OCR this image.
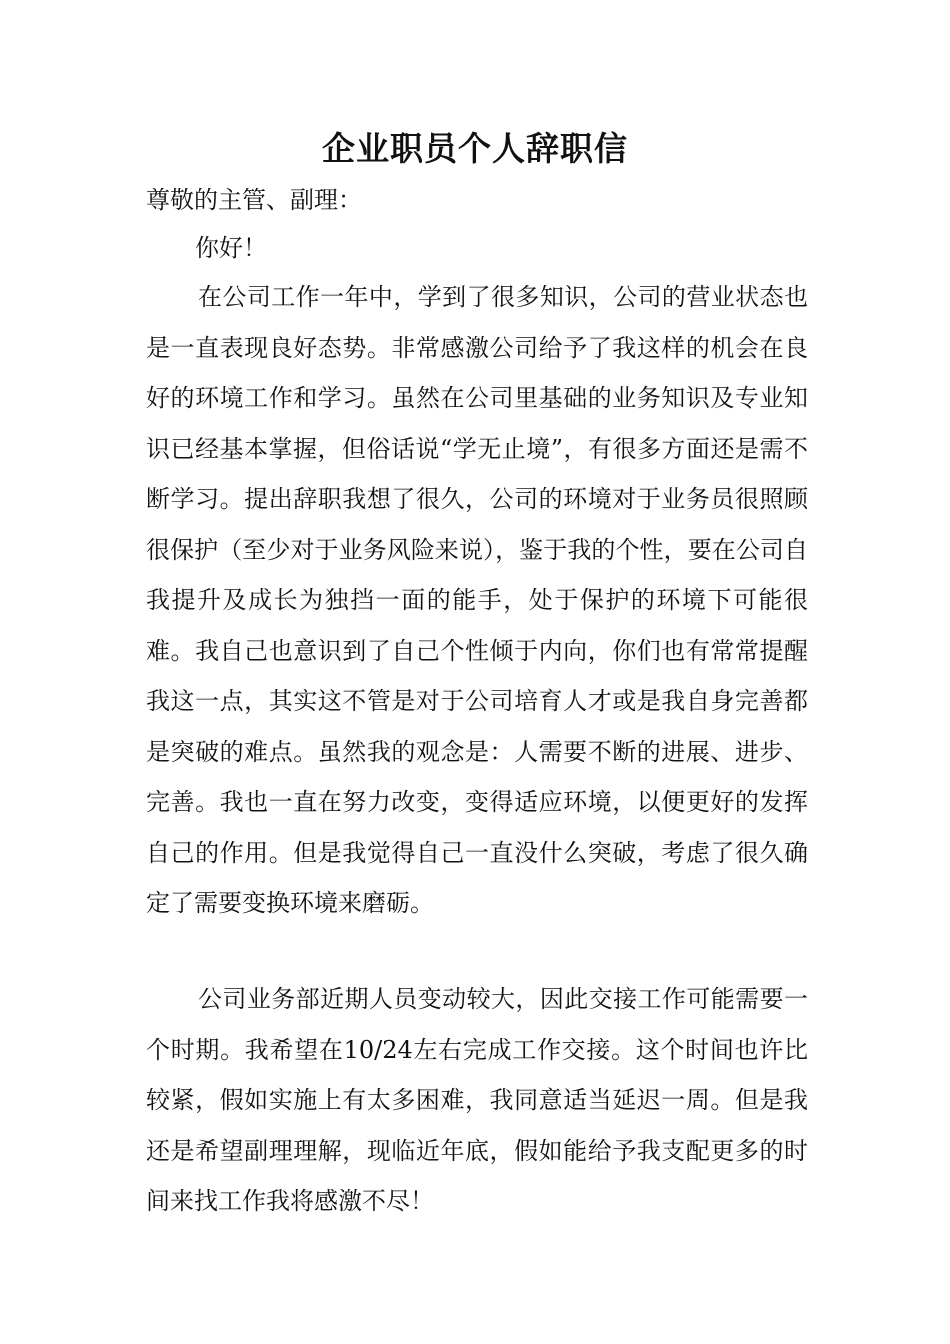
企业职员个人辞职信

尊敬的主管、副理：

你好！

在公司工作一年中，学到了很多知识，公司的营业状态也是一直表现良好态势。非常感激公司给予了我这样的机会在良好的环境工作和学习。虽然在公司里基础的业务知识及专业知识已经基本掌握，但俗话说“学无止境”，有很多方面还是需不断学习。提出辞职我想了很久，公司的环境对于业务员很照顾很保护（至少对于业务风险来说），鉴于我的个性，要在公司自我提升及成长为独挡一面的能手，处于保护的环境下可能很难。我自己也意识到了自己个性倾于内向，你们也有常常提醒我这一点，其实这不管是对于公司培育人才或是我自身完善都是突破的难点。虽然我的观念是：人需要不断的进展、进步、完善。我也一直在努力改变，变得适应环境，以便更好的发挥自己的作用。但是我觉得自己一直没什么突破，考虑了很久确定了需要变换环境来磨砺。

公司业务部近期人员变动较大，因此交接工作可能需要一个时期。我希望在10/24左右完成工作交接。这个时间也许比较紧，假如实施上有太多困难，我同意适当延迟一周。但是我还是希望副理理解，现临近年底，假如能给予我支配更多的时间来找工作我将感激不尽！
